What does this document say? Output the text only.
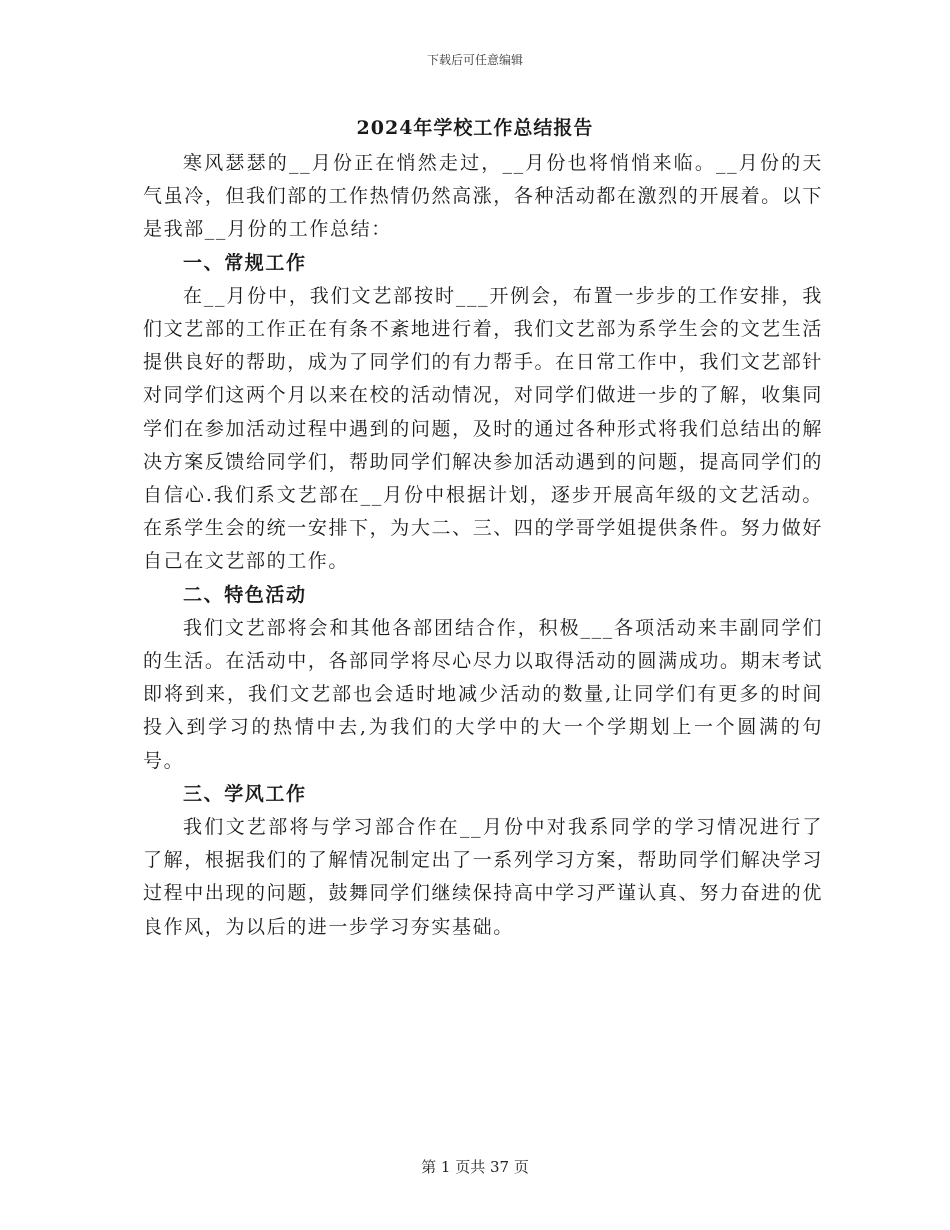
下载后可任意编辑
2024年学校工作总结报告

寒风瑟瑟的__月份正在悄然走过，__月份也将悄悄来临。__月份的天气虽冷，但我们部的工作热情仍然高涨，各种活动都在激烈的开展着。以下是我部__月份的工作总结：

一、常规工作

在__月份中，我们文艺部按时___开例会，布置一步步的工作安排，我们文艺部的工作正在有条不紊地进行着，我们文艺部为系学生会的文艺生活提供良好的帮助，成为了同学们的有力帮手。在日常工作中，我们文艺部针对同学们这两个月以来在校的活动情况，对同学们做进一步的了解，收集同学们在参加活动过程中遇到的问题，及时的通过各种形式将我们总结出的解决方案反馈给同学们，帮助同学们解决参加活动遇到的问题，提高同学们的自信心.我们系文艺部在__月份中根据计划，逐步开展高年级的文艺活动。在系学生会的统一安排下，为大二、三、四的学哥学姐提供条件。努力做好自己在文艺部的工作。

二、特色活动

我们文艺部将会和其他各部团结合作，积极___各项活动来丰副同学们的生活。在活动中，各部同学将尽心尽力以取得活动的圆满成功。期末考试即将到来，我们文艺部也会适时地减少活动的数量,让同学们有更多的时间投入到学习的热情中去,为我们的大学中的大一个学期划上一个圆满的句号。

三、学风工作

我们文艺部将与学习部合作在__月份中对我系同学的学习情况进行了了解，根据我们的了解情况制定出了一系列学习方案，帮助同学们解决学习过程中出现的问题，鼓舞同学们继续保持高中学习严谨认真、努力奋进的优良作风，为以后的进一步学习夯实基础。

第 1 页共 37 页
